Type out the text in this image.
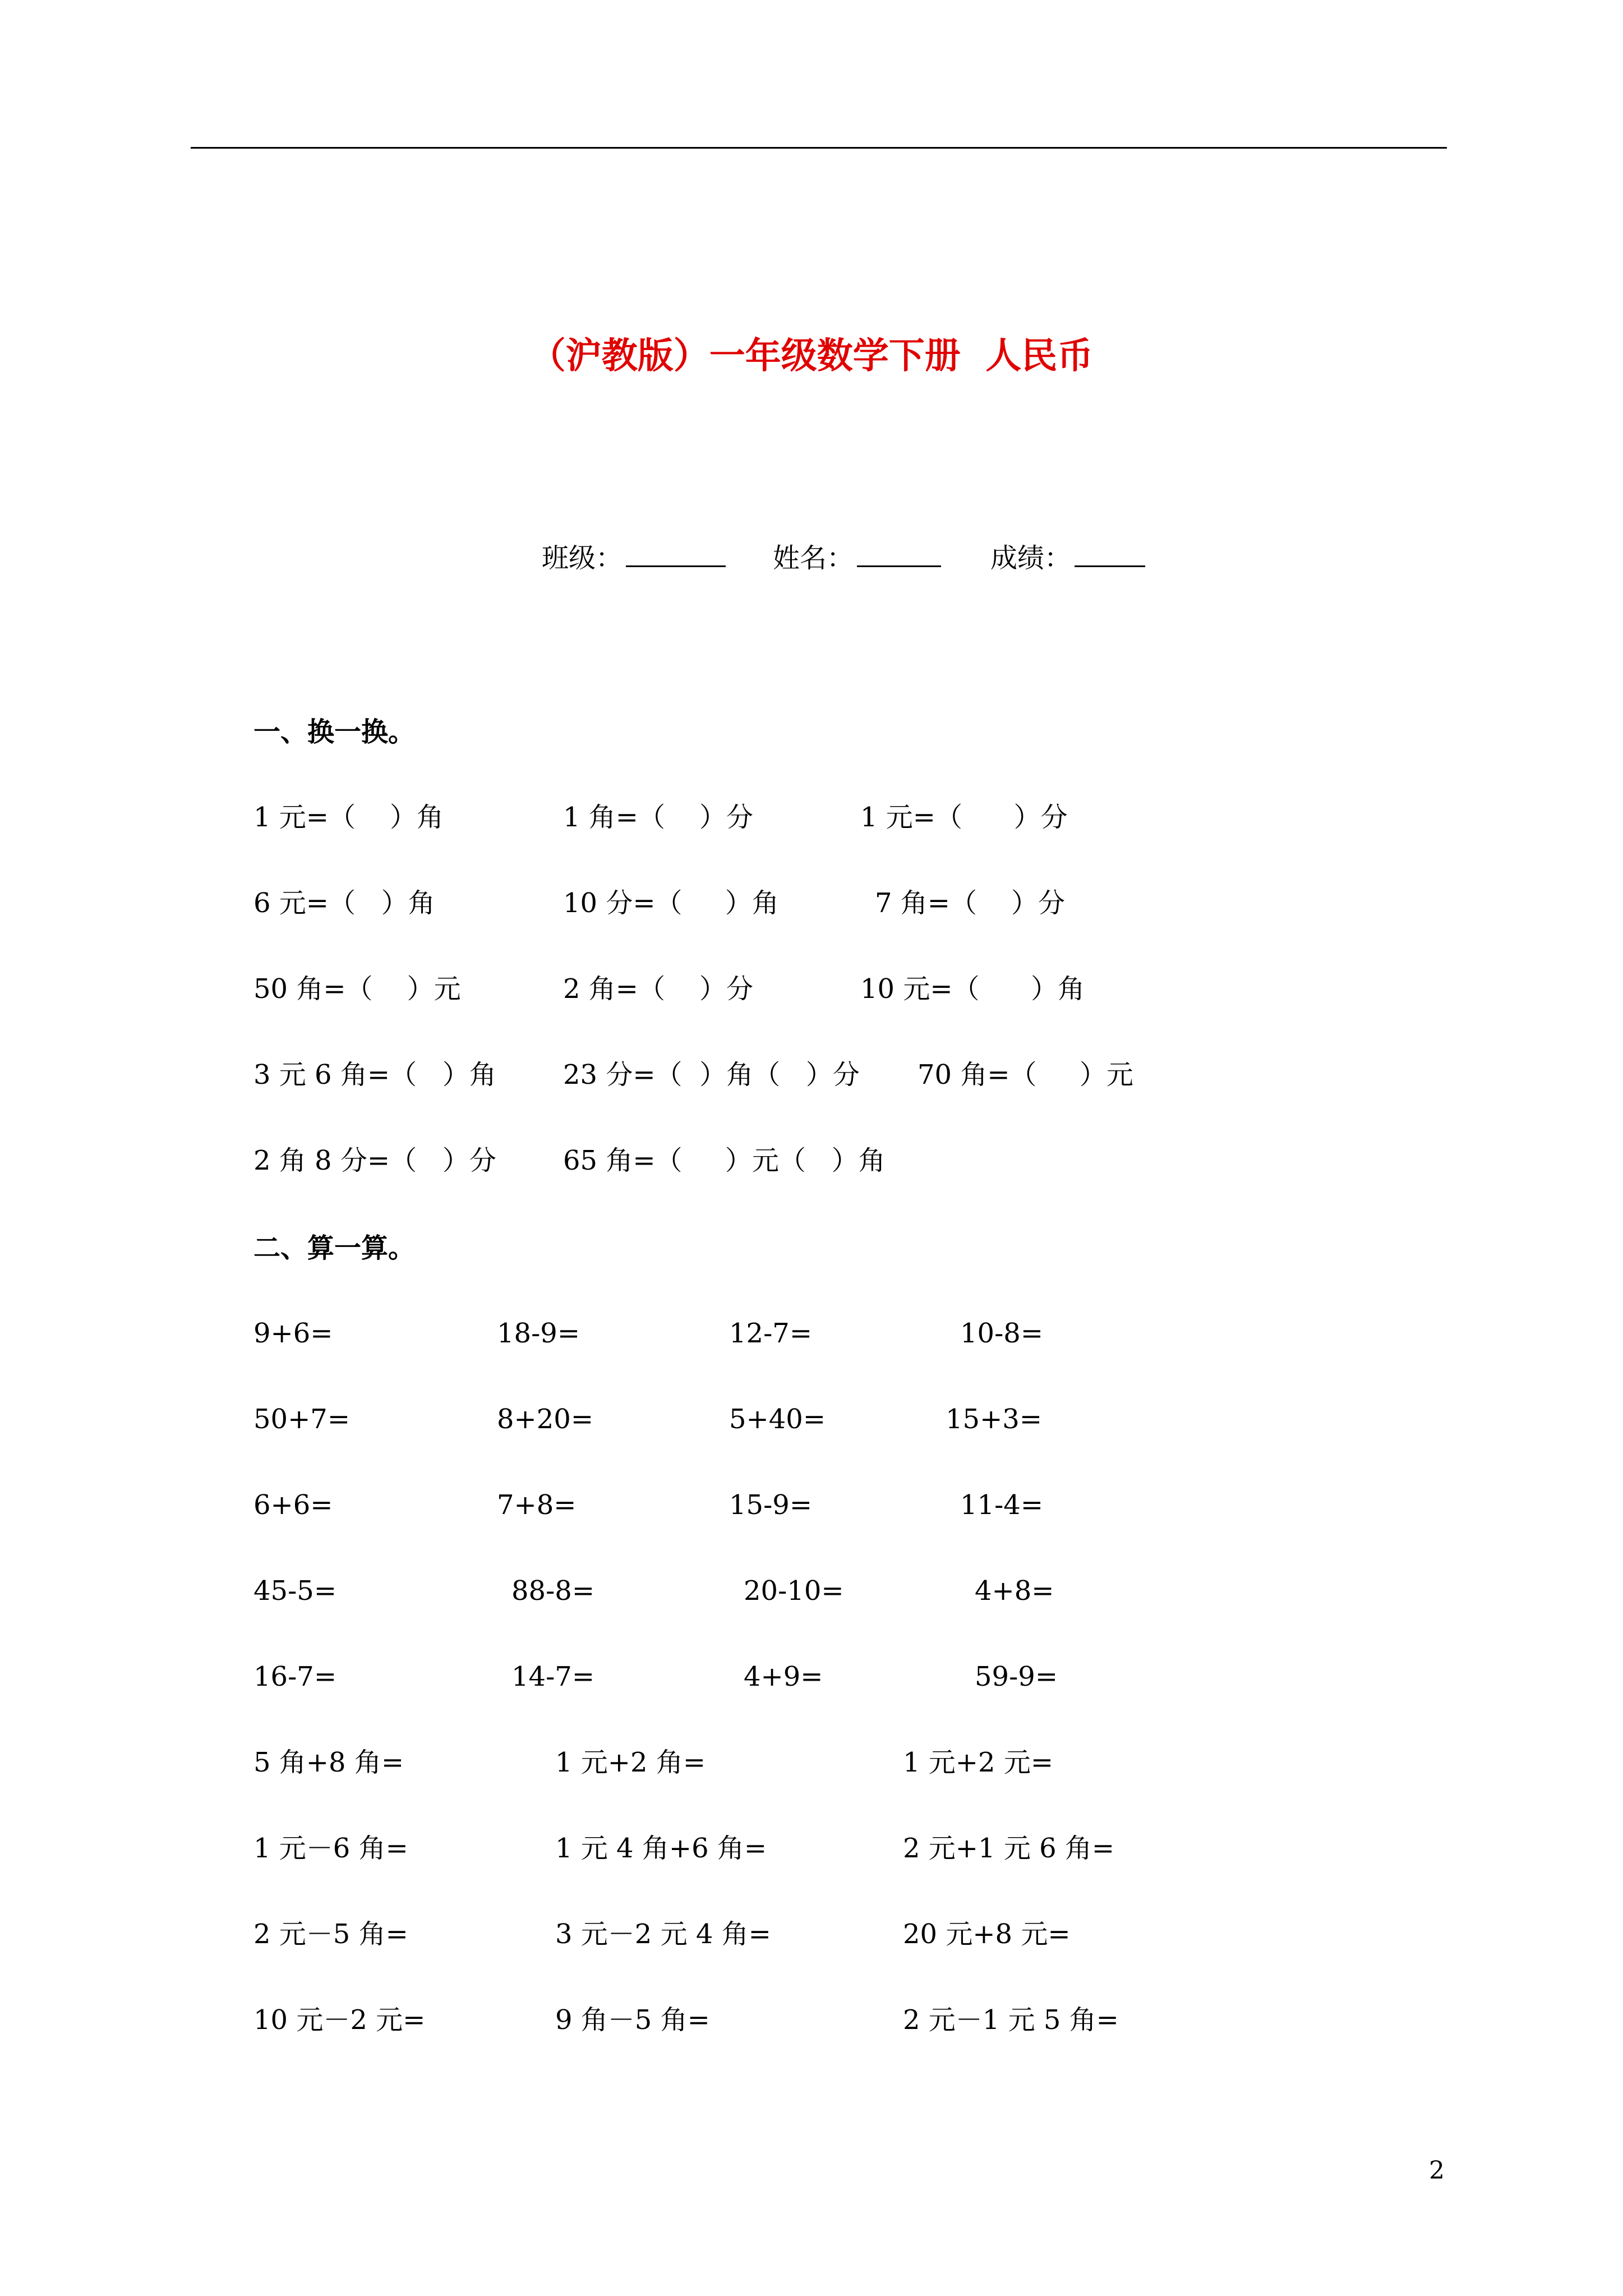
（沪教版）一年级数学下册  人民币
班级：	姓名：	成绩：
一、换一换。
1 元=（    ）角	1 角=（    ）分	1 元=（      ）分
6 元=（   ）角	10 分=（     ）角	7 角=（    ）分
50 角=（    ）元	2 角=（    ）分	10 元=（      ）角
3 元 6 角=（   ）角 23 分=（  ）角（   ）分 70 角=（     ）元
2 角 8 分=（   ）分 65 角=（     ）元（   ）角
二、算一算。
9+6=	18-9=	12-7=	10-8=
50+7=	8+20=	5+40=	15+3=
6+6=	7+8=	15-9=	11-4=
45-5=	88-8=	20-10=	4+8=
16-7=	14-7=	4+9=	59-9=
5 角+8 角=	1 元+2 角=	1 元+2 元=
1 元－6 角=	1 元 4 角+6 角=	2 元+1 元 6 角=
2 元－5 角=	3 元－2 元 4 角=	20 元+8 元=
10 元－2 元=	9 角－5 角=	2 元－1 元 5 角=
2
